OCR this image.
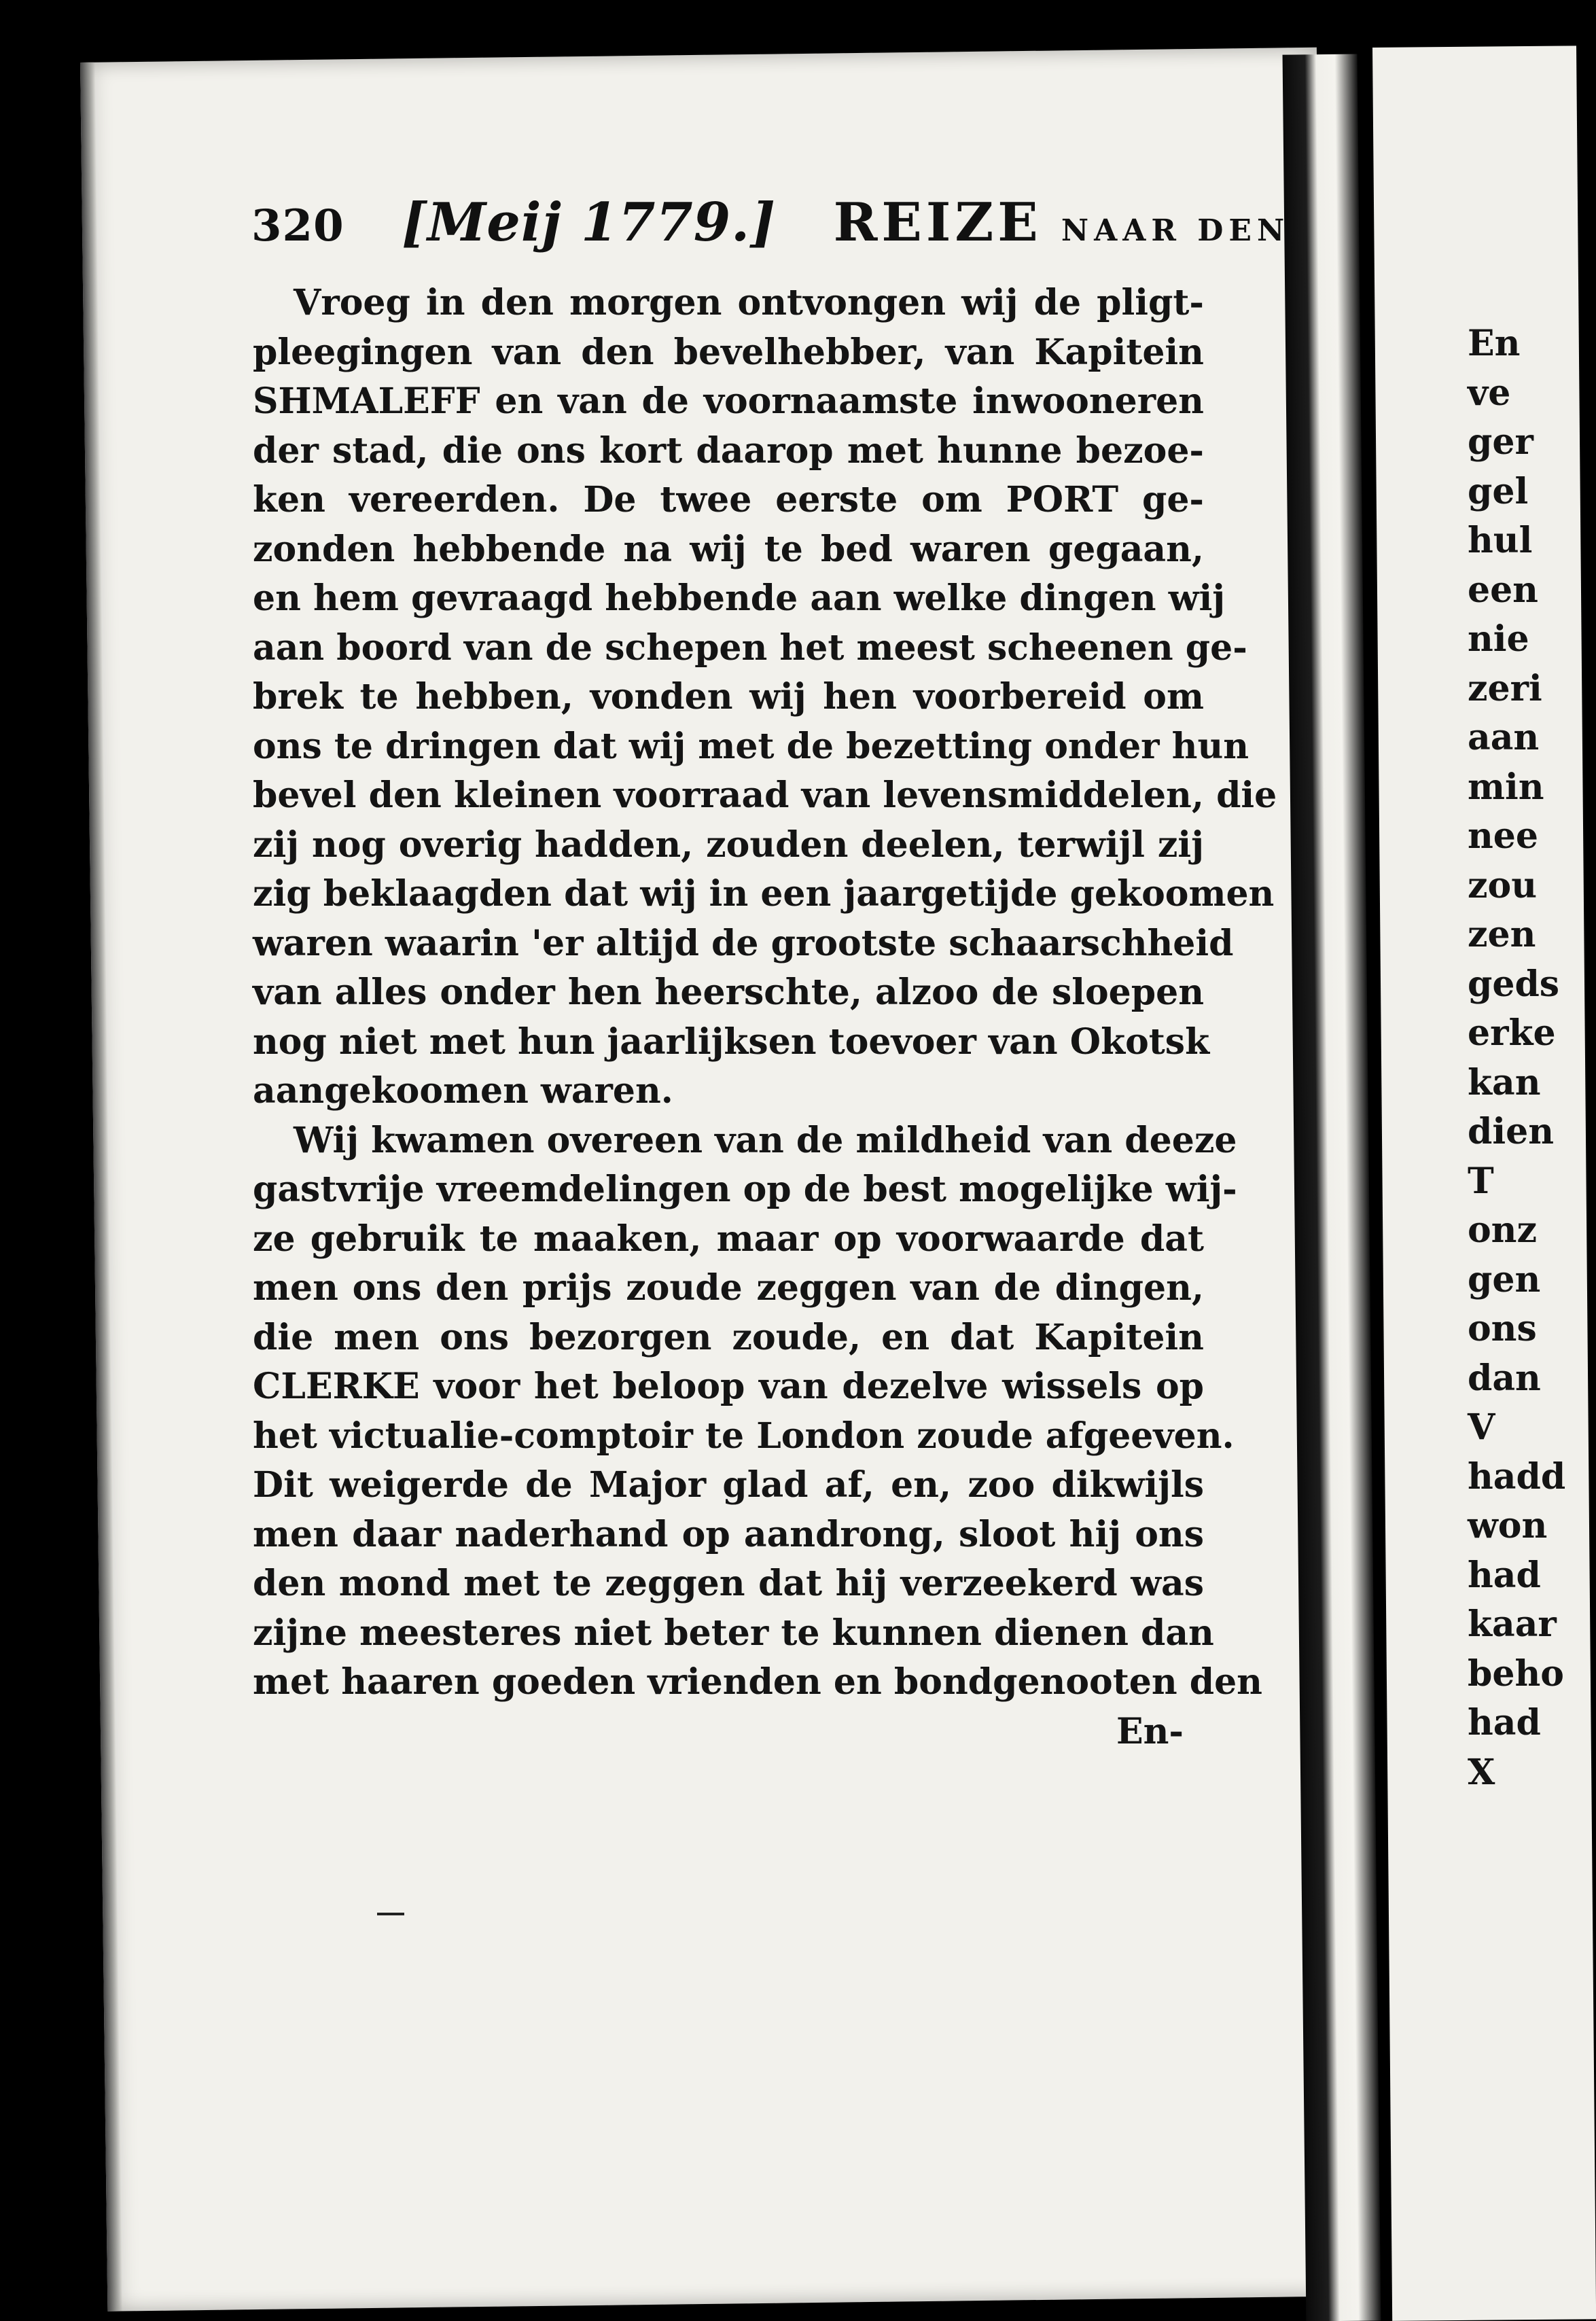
320 [Meij 1779.] REIZE NAAR DEN
Vroeg in den morgen ontvongen wij de pligt-
pleegingen van den bevelhebber, van Kapitein
SHMALEFF en van de voornaamste inwooneren
der stad, die ons kort daarop met hunne bezoe-
ken vereerden. De twee eerste om PORT ge-
zonden hebbende na wij te bed waren gegaan,
en hem gevraagd hebbende aan welke dingen wij
aan boord van de schepen het meest scheenen ge-
brek te hebben, vonden wij hen voorbereid om
ons te dringen dat wij met de bezetting onder hun
bevel den kleinen voorraad van levensmiddelen, die
zij nog overig hadden, zouden deelen, terwijl zij
zig beklaagden dat wij in een jaargetijde gekoomen
waren waarin 'er altijd de grootste schaarschheid
van alles onder hen heerschte, alzoo de sloepen
nog niet met hun jaarlijksen toevoer van Okotsk
aangekoomen waren.
Wij kwamen overeen van de mildheid van deeze
gastvrije vreemdelingen op de best mogelijke wij-
ze gebruik te maaken, maar op voorwaarde dat
men ons den prijs zoude zeggen van de dingen,
die men ons bezorgen zoude, en dat Kapitein
CLERKE voor het beloop van dezelve wissels op
het victualie-comptoir te London zoude afgeeven.
Dit weigerde de Major glad af, en, zoo dikwijls
men daar naderhand op aandrong, sloot hij ons
den mond met te zeggen dat hij verzeekerd was
zijne meesteres niet beter te kunnen dienen dan
met haaren goeden vrienden en bondgenooten den
En-
En
ve
ger
gel
hul
een
nie
zeri
aan
min
nee
zou
zen
geds
erke
kan
dien
T
onz
gen
ons
dan
V
hadd
won
had
kaar
beho
had
X
